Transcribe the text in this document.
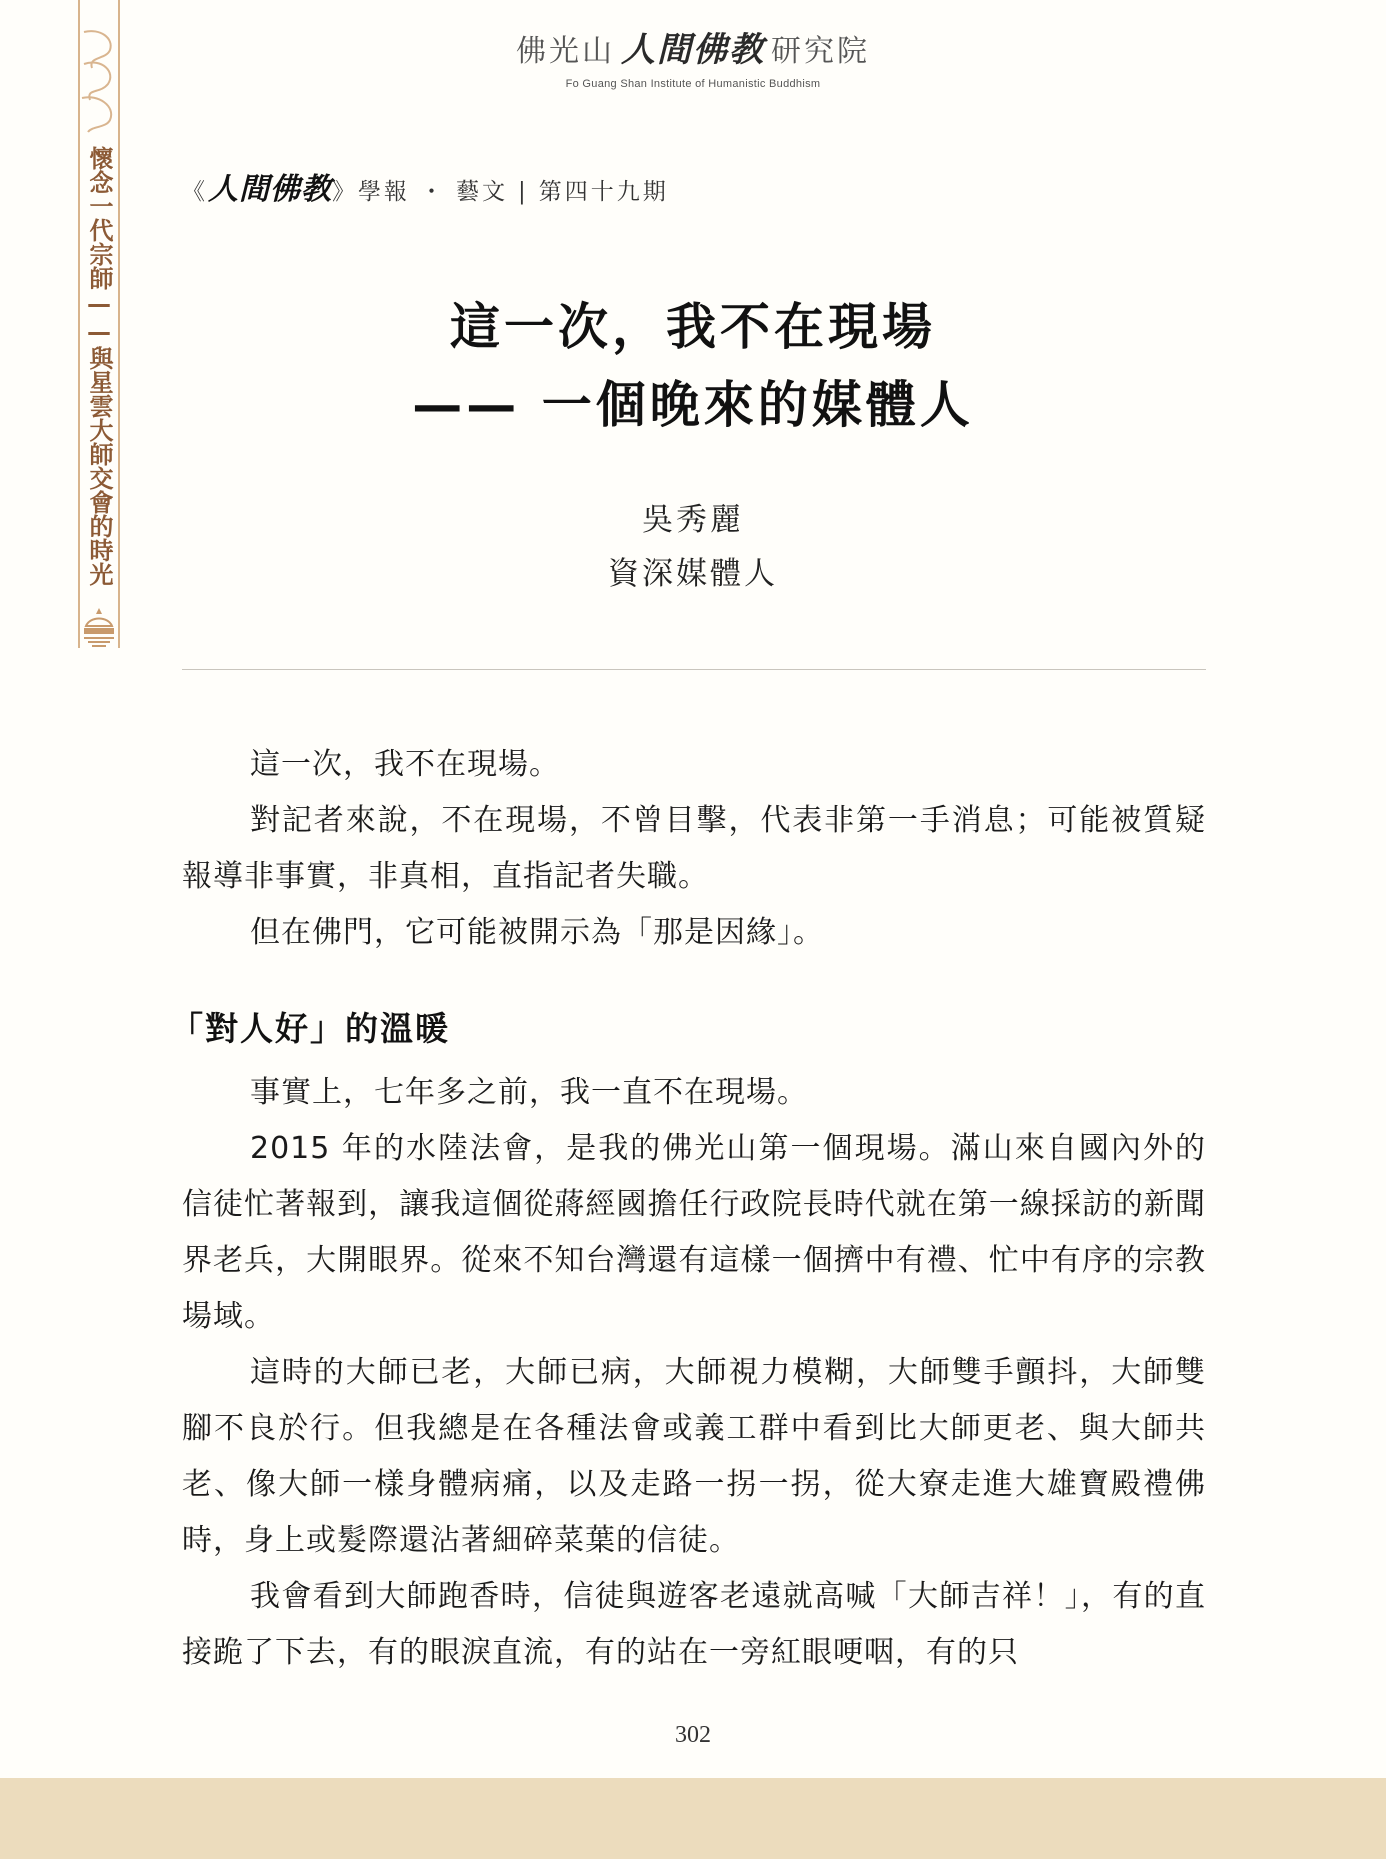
懷念一代宗師——與星雲大師交會的時光
佛光山 人間佛教 研究院
Fo Guang Shan Institute of Humanistic Buddhism
《人間佛教》學報 ・ 藝文 | 第四十九期
這一次，我不在現場
—— 一個晚來的媒體人
吳秀麗
資深媒體人

這一次，我不在現場。

對記者來說，不在現場，不曾目擊，代表非第一手消息；可能被質疑報導非事實，非真相，直指記者失職。

但在佛門，它可能被開示為「那是因緣」。

「對人好」的溫暖

事實上，七年多之前，我一直不在現場。

2015 年的水陸法會，是我的佛光山第一個現場。滿山來自國內外的信徒忙著報到，讓我這個從蔣經國擔任行政院長時代就在第一線採訪的新聞界老兵，大開眼界。從來不知台灣還有這樣一個擠中有禮、忙中有序的宗教場域。

這時的大師已老，大師已病，大師視力模糊，大師雙手顫抖，大師雙腳不良於行。但我總是在各種法會或義工群中看到比大師更老、與大師共老、像大師一樣身體病痛，以及走路一拐一拐，從大寮走進大雄寶殿禮佛時，身上或髮際還沾著細碎菜葉的信徒。

我會看到大師跑香時，信徒與遊客老遠就高喊「大師吉祥！」，有的直接跪了下去，有的眼淚直流，有的站在一旁紅眼哽咽，有的只

302
